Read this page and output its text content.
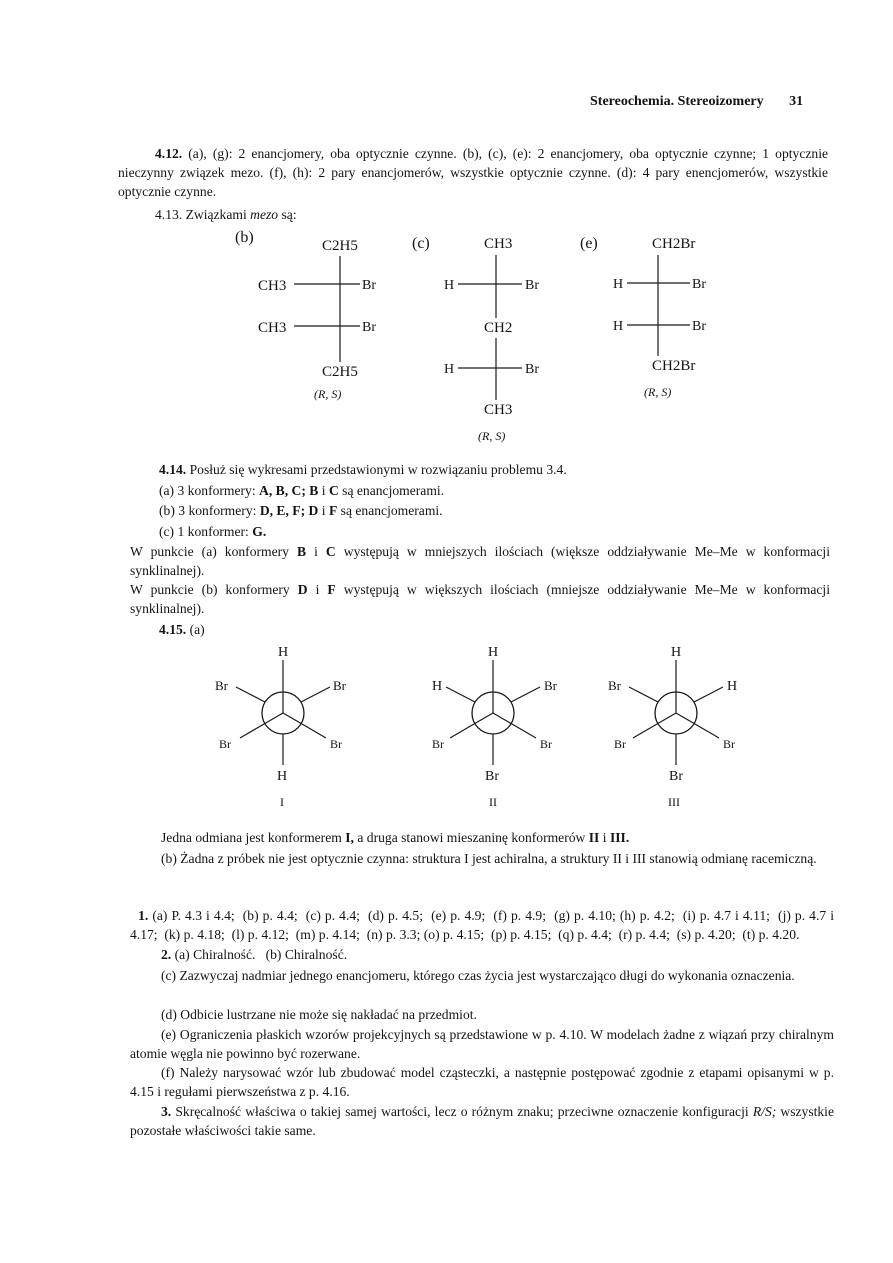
Stereochemia. Stereoizomery 31
4.12. (a), (g): 2 enancjomery, oba optycznie czynne. (b), (c), (e): 2 enancjomery, oba optycznie czynne; 1 optycznie nieczynny związek mezo. (f), (h): 2 pary enancjomerów, wszystkie optycznie czynne. (d): 4 pary enencjomerów, wszystkie optycznie czynne.
4.13. Związkami mezo są:
(b)	C2H5
CH3	Br
CH3	Br
C2H5
(R, S)
(c)	CH3
H	Br
CH2
H	Br
CH3
(R, S)
(e)	CH2Br
H	Br
H	Br
CH2Br
(R, S)
4.14. Posłuż się wykresami przedstawionymi w rozwiązaniu problemu 3.4.
(a) 3 konformery: A, B, C; B i C są enancjomerami.
(b) 3 konformery: D, E, F; D i F są enancjomerami.
(c) 1 konformer: G.
W punkcie (a) konformery B i C występują w mniejszych ilościach (większe oddziaływanie Me–Me w konformacji synklinalnej).
W punkcie (b) konformery D i F występują w większych ilościach (mniejsze oddziaływanie Me–Me w konformacji synklinalnej).
4.15. (a)
H
Br	Br
Br	Br
H
I
H
H	Br
Br	Br
Br
II
H
Br	H
Br	Br
Br
III
Jedna odmiana jest konformerem I, a druga stanowi mieszaninę konformerów II i III.
(b) Żadna z próbek nie jest optycznie czynna: struktura I jest achiralna, a struktury II i III stanowią odmianę racemiczną.

1. (a) P. 4.3 i 4.4;  (b) p. 4.4;  (c) p. 4.4;  (d) p. 4.5;  (e) p. 4.9;  (f) p. 4.9;  (g) p. 4.10; (h) p. 4.2;  (i) p. 4.7 i 4.11;  (j) p. 4.7 i 4.17;  (k) p. 4.18;  (l) p. 4.12;  (m) p. 4.14;  (n) p. 3.3; (o) p. 4.15;  (p) p. 4.15;  (q) p. 4.4;  (r) p. 4.4;  (s) p. 4.20;  (t) p. 4.20.

2. (a) Chiralność.   (b) Chiralność.
(c) Zazwyczaj nadmiar jednego enancjomeru, którego czas życia jest wystarczająco długi do wykonania oznaczenia.
(d) Odbicie lustrzane nie może się nakładać na przedmiot.
(e) Ograniczenia płaskich wzorów projekcyjnych są przedstawione w p. 4.10. W modelach żadne z wiązań przy chiralnym atomie węgla nie powinno być rozerwane.
(f) Należy narysować wzór lub zbudować model cząsteczki, a następnie postępować zgodnie z etapami opisanymi w p. 4.15 i regułami pierwszeństwa z p. 4.16.
3. Skręcalność właściwa o takiej samej wartości, lecz o różnym znaku; przeciwne oznaczenie konfiguracji R/S; wszystkie pozostałe właściwości takie same.
